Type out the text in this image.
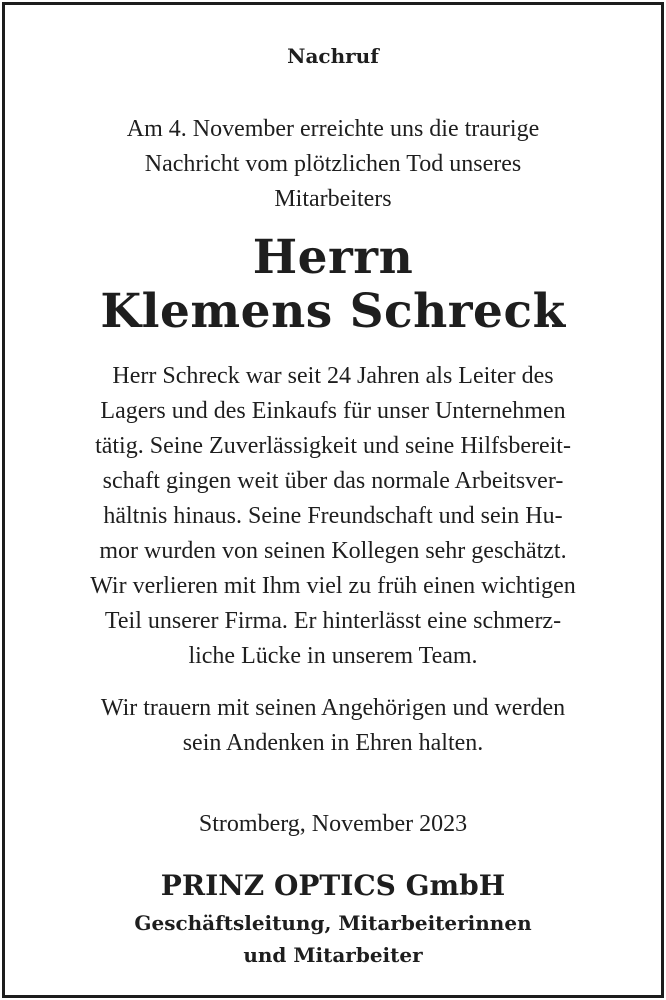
Nachruf

Am 4. November erreichte uns die traurige
Nachricht vom plötzlichen Tod unseres
Mitarbeiters

Herrn
Klemens Schreck

Herr Schreck war seit 24 Jahren als Leiter des
Lagers und des Einkaufs für unser Unternehmen
tätig. Seine Zuverlässigkeit und seine Hilfsbereit-
schaft gingen weit über das normale Arbeitsver-
hältnis hinaus. Seine Freundschaft und sein Hu-
mor wurden von seinen Kollegen sehr geschätzt.
Wir verlieren mit Ihm viel zu früh einen wichtigen
Teil unserer Firma. Er hinterlässt eine schmerz-
liche Lücke in unserem Team.

Wir trauern mit seinen Angehörigen und werden
sein Andenken in Ehren halten.

Stromberg, November 2023

PRINZ OPTICS GmbH

Geschäftsleitung, Mitarbeiterinnen
und Mitarbeiter
